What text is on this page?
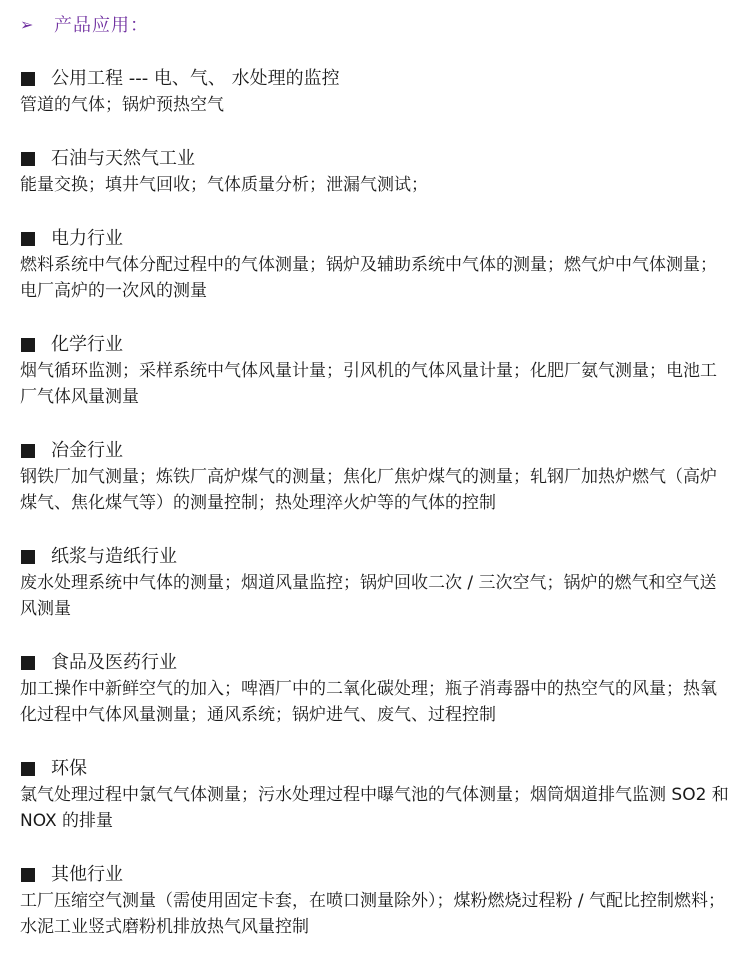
➢	产品应用：
公用工程 --- 电、气、 水处理的监控

管道的气体；锅炉预热空气

石油与天然气工业

能量交换；填井气回收；气体质量分析；泄漏气测试；

电力行业

燃料系统中气体分配过程中的气体测量；锅炉及辅助系统中气体的测量；燃气炉中气体测量；电厂高炉的一次风的测量

化学行业

烟气循环监测；采样系统中气体风量计量；引风机的气体风量计量；化肥厂氨气测量；电池工厂气体风量测量

冶金行业

钢铁厂加气测量；炼铁厂高炉煤气的测量；焦化厂焦炉煤气的测量；轧钢厂加热炉燃气（高炉煤气、焦化煤气等）的测量控制；热处理淬火炉等的气体的控制

纸浆与造纸行业

废水处理系统中气体的测量；烟道风量监控；锅炉回收二次 / 三次空气；锅炉的燃气和空气送风测量

食品及医药行业

加工操作中新鲜空气的加入；啤酒厂中的二氧化碳处理；瓶子消毒器中的热空气的风量；热氧化过程中气体风量测量；通风系统；锅炉进气、废气、过程控制

环保

氯气处理过程中氯气气体测量；污水处理过程中曝气池的气体测量；烟筒烟道排气监测 SO2 和 NOX 的排量

其他行业

工厂压缩空气测量（需使用固定卡套，在喷口测量除外）；煤粉燃烧过程粉 / 气配比控制燃料；水泥工业竖式磨粉机排放热气风量控制
